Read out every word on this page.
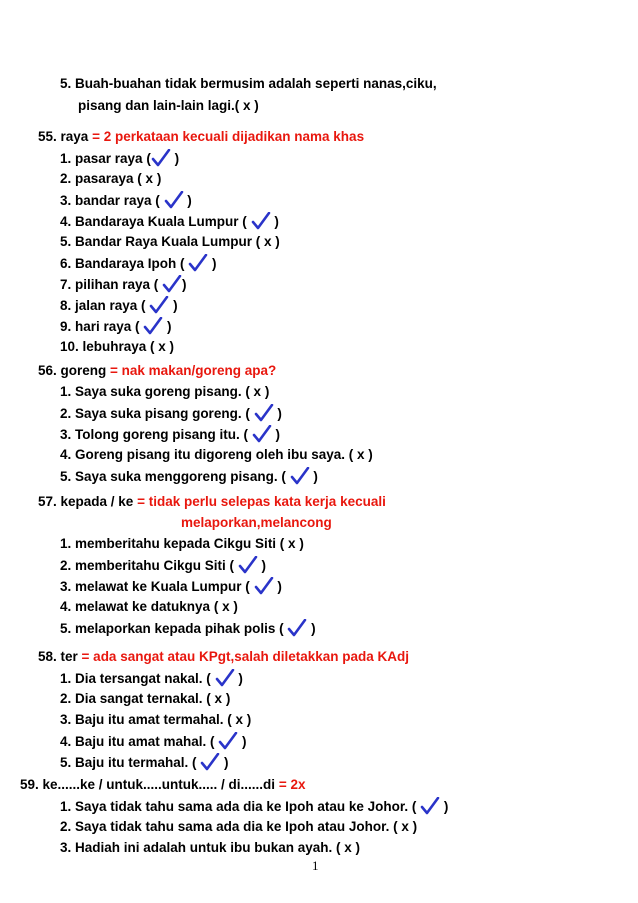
5. Buah-buahan tidak bermusim adalah seperti nanas,ciku,
pisang dan lain-lain lagi.( x )
55. raya = 2 perkataan kecuali dijadikan nama khas
1. pasar raya (
)
2. pasaraya ( x )
3. bandar raya (
)
4. Bandaraya Kuala Lumpur (
)
5. Bandar Raya Kuala Lumpur ( x )
6. Bandaraya Ipoh (
)
7. pilihan raya (
)
8. jalan raya (
)
9. hari raya (
)
10. lebuhraya ( x )
56. goreng = nak makan/goreng apa?
1. Saya suka goreng pisang. ( x )
2. Saya suka pisang goreng. (
)
3. Tolong goreng pisang itu. (
)
4. Goreng pisang itu digoreng oleh ibu saya. ( x )
5. Saya suka menggoreng pisang. (
)
57. kepada / ke = tidak perlu selepas kata kerja kecuali
melaporkan,melancong
1. memberitahu kepada Cikgu Siti ( x )
2. memberitahu Cikgu Siti (
)
3. melawat ke Kuala Lumpur (
)
4. melawat ke datuknya ( x )
5. melaporkan kepada pihak polis (
)
58. ter = ada sangat atau KPgt,salah diletakkan pada KAdj
1. Dia tersangat nakal. (
)
2. Dia sangat ternakal. ( x )
3. Baju itu amat termahal. ( x )
4. Baju itu amat mahal. (
)
5. Baju itu termahal. (
)
59. ke......ke / untuk.....untuk..... / di......di = 2x
1. Saya tidak tahu sama ada dia ke Ipoh atau ke Johor. (
)
2. Saya tidak tahu sama ada dia ke Ipoh atau Johor. ( x )
3. Hadiah ini adalah untuk ibu bukan ayah. ( x )
1
